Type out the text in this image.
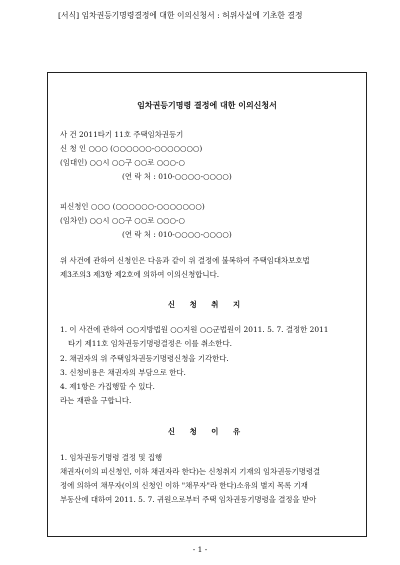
[서식] 임차권등기명령결정에 대한 이의신청서 : 허위사실에 기초한 결정
임차권등기명령 결정에 대한 이의신청서
사 건 2011타기 11호 주택임차권등기
신 청 인 ○○○ (○○○○○○-○○○○○○○)
(임대인) ○○시 ○○구 ○○로 ○○○-○
(연 락 처 : 010-○○○○-○○○○)
피신청인 ○○○ (○○○○○○-○○○○○○○)
(임차인) ○○시 ○○구 ○○로 ○○○-○
(연 락 처 : 010-○○○○-○○○○)
위 사건에 관하여 신청인은 다음과 같이 위 결정에 불복하여 주택임대차보호법
제3조의3 제3항 제2호에 의하여 이의신청합니다.
신 청 취 지
1. 이 사건에 관하여 ○○지방법원 ○○지원 ○○군법원이 2011. 5. 7. 결정한 2011
타기 제11호 임차권등기명령결정은 이를 취소한다.
2. 채권자의 위 주택임차권등기명령신청을 기각한다.
3. 신청비용은 채권자의 부담으로 한다.
4. 제1항은 가집행할 수 있다.
라는 재판을 구합니다.
신 청 이 유
1. 임차권등기명령 결정 및 집행
채권자(이의 피신청인, 이하 채권자라 한다)는 신청취지 기재의 임차권등기명령결
정에 의하여 채무자(이의 신청인 이하 "채무자"라 한다)소유의 별지 목록 기재
부동산에 대하여 2011. 5. 7. 귀원으로부터 주택 임차권등기명령을 결정을 받아
- 1 -
